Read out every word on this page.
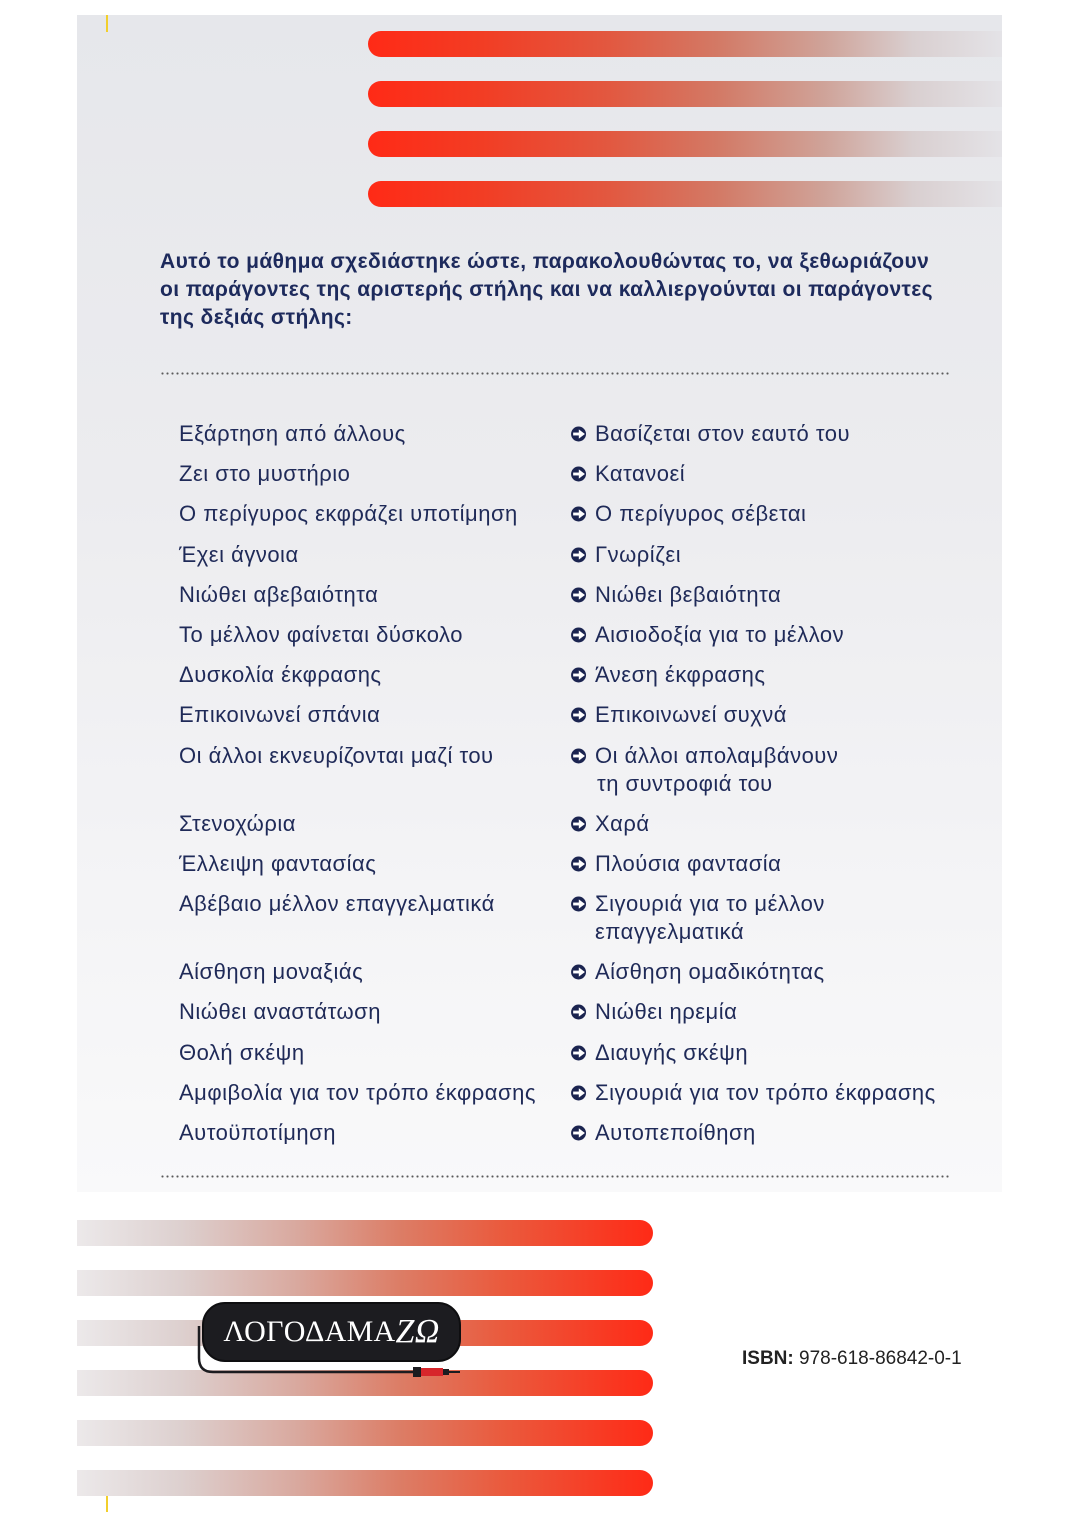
Αυτό το μάθημα σχεδιάστηκε ώστε, παρακολουθώντας το, να ξεθωριάζουν
οι παράγοντες της αριστερής στήλης και να καλλιεργούνται οι παράγοντες
της δεξιάς στήλης:
Εξάρτηση από άλλους	Βασίζεται στον εαυτό του
Ζει στο μυστήριο	Κατανοεί
Ο περίγυρος εκφράζει υποτίμηση	Ο περίγυρος σέβεται
Έχει άγνοια	Γνωρίζει
Νιώθει αβεβαιότητα	Νιώθει βεβαιότητα
Το μέλλον φαίνεται δύσκολο	Αισιοδοξία για το μέλλον
Δυσκολία έκφρασης	Άνεση έκφρασης
Επικοινωνεί σπάνια	Επικοινωνεί συχνά
Οι άλλοι εκνευρίζονται μαζί του	Οι άλλοι απολαμβάνουν
τη συντροφιά του
Στενοχώρια	Χαρά
Έλλειψη φαντασίας	Πλούσια φαντασία
Αβέβαιο μέλλον επαγγελματικά	Σιγουριά για το μέλλον
επαγγελματικά
Αίσθηση μοναξιάς	Αίσθηση ομαδικότητας
Νιώθει αναστάτωση	Νιώθει ηρεμία
Θολή σκέψη	Διαυγής σκέψη
Αμφιβολία για τον τρόπο έκφρασης	Σιγουριά για τον τρόπο έκφρασης
Αυτοϋποτίμηση	Αυτοπεποίθηση
ΛΟΓΟΔΑΜΑ ΖΩ
ISBN: 978-618-86842-0-1
